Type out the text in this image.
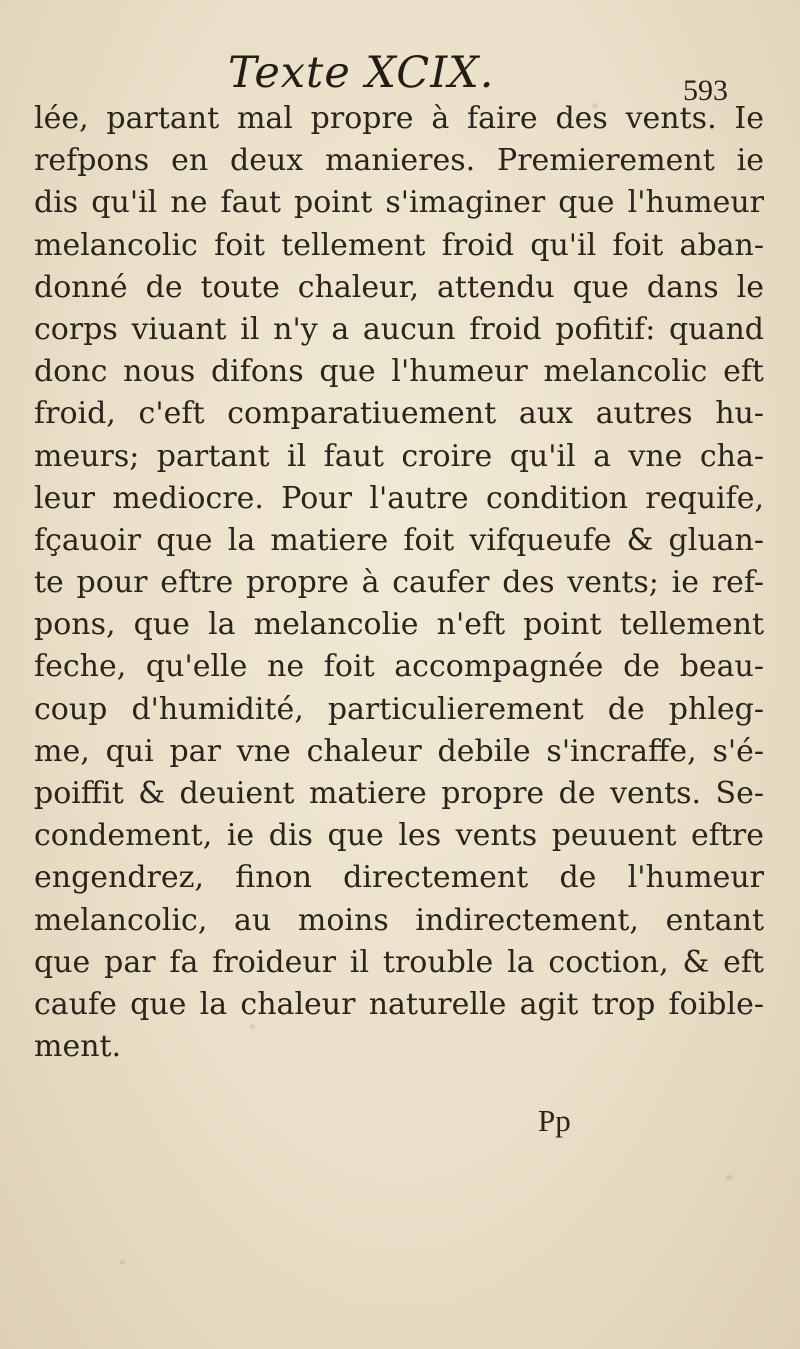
Texte XCIX.	593
lée, partant mal propre à faire des vents. Ie
refpons en deux manieres. Premierement ie
dis qu'il ne faut point s'imaginer que l'humeur
melancolic foit tellement froid qu'il foit aban-
donné de toute chaleur, attendu que dans le
corps viuant il n'y a aucun froid pofitif: quand
donc nous difons que l'humeur melancolic eft
froid, c'eft comparatiuement aux autres hu-
meurs; partant il faut croire qu'il a vne cha-
leur mediocre. Pour l'autre condition requife,
fçauoir que la matiere foit vifqueufe & gluan-
te pour eftre propre à caufer des vents; ie ref-
pons, que la melancolie n'eft point tellement
feche, qu'elle ne foit accompagnée de beau-
coup d'humidité, particulierement de phleg-
me, qui par vne chaleur debile s'incraffe, s'é-
poiffit & deuient matiere propre de vents. Se-
condement, ie dis que les vents peuuent eftre
engendrez, finon directement de l'humeur
melancolic, au moins indirectement, entant
que par fa froideur il trouble la coction, & eft
caufe que la chaleur naturelle agit trop foible-
ment.
Pp
